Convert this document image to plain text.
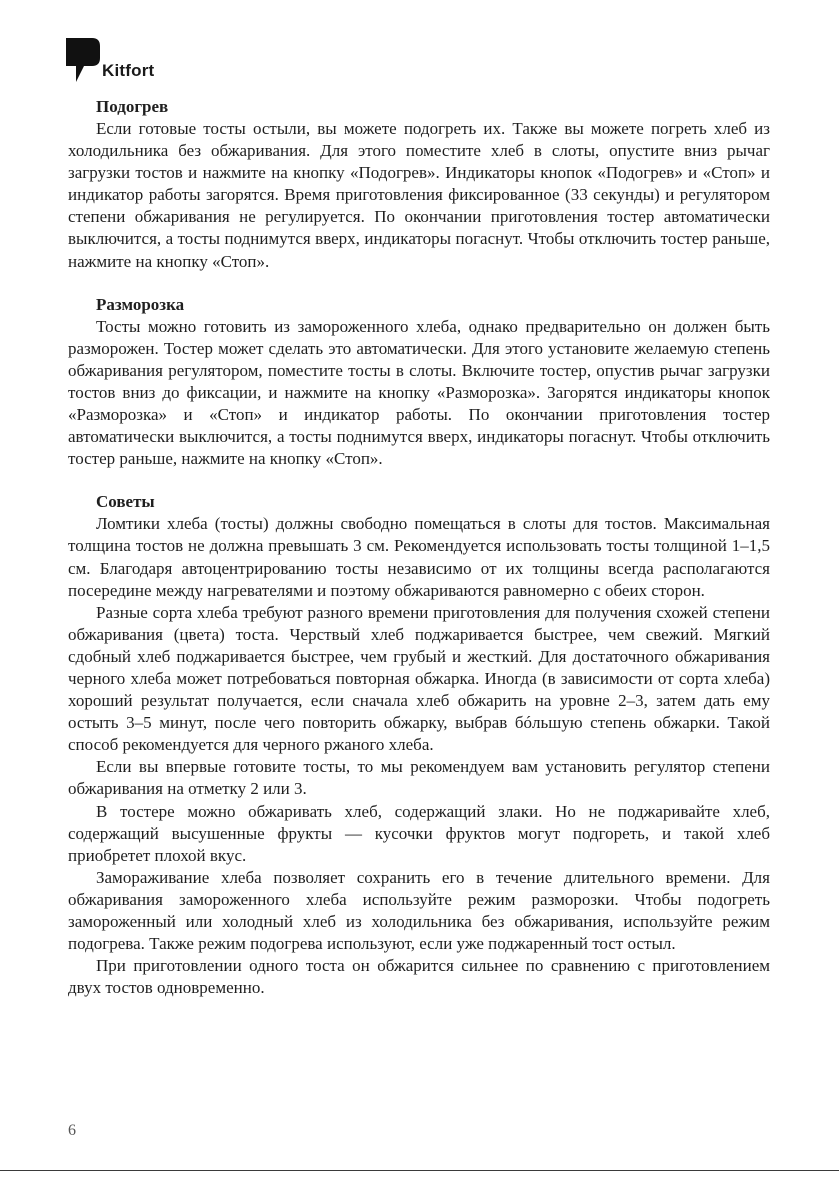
Kitfort
Подогрев

Если готовые тосты остыли, вы можете подогреть их. Также вы можете погреть хлеб из холодильника без обжаривания. Для этого поместите хлеб в слоты, опустите вниз рычаг загрузки тостов и нажмите на кнопку «Подогрев». Индикаторы кнопок «Подогрев» и «Стоп» и индикатор работы загорятся. Время приготовления фиксированное (33 секунды) и регулятором степени обжаривания не регулируется. По окончании приготовления тостер автоматически выключится, а тосты поднимутся вверх, индикаторы погаснут. Чтобы отключить тостер раньше, нажмите на кнопку «Стоп».

Разморозка

Тосты можно готовить из замороженного хлеба, однако предварительно он должен быть разморожен. Тостер может сделать это автоматически. Для этого установите желаемую степень обжаривания регулятором, поместите тосты в слоты. Включите тостер, опустив рычаг загрузки тостов вниз до фиксации, и нажмите на кнопку «Разморозка». Загорятся индикаторы кнопок «Разморозка» и «Стоп» и индикатор работы. По окончании приготовления тостер автоматически выключится, а тосты поднимутся вверх, индикаторы погаснут. Чтобы отключить тостер раньше, нажмите на кнопку «Стоп».

Советы

Ломтики хлеба (тосты) должны свободно помещаться в слоты для тостов. Максимальная толщина тостов не должна превышать 3 см. Рекомендуется использовать тосты толщиной 1–1,5 см. Благодаря автоцентрированию тосты независимо от их толщины всегда располагаются посередине между нагревателями и поэтому обжариваются равномерно с обеих сторон.

Разные сорта хлеба требуют разного времени приготовления для получения схожей степени обжаривания (цвета) тоста. Черствый хлеб поджаривается быстрее, чем свежий. Мягкий сдобный хлеб поджаривается быстрее, чем грубый и жесткий. Для достаточного обжаривания черного хлеба может потребоваться повторная обжарка. Иногда (в зависимости от сорта хлеба) хороший результат получается, если сначала хлеб обжарить на уровне 2–3, затем дать ему остыть 3–5 минут, после чего повторить обжарку, выбрав бóльшую степень обжарки. Такой способ рекомендуется для черного ржаного хлеба.

Если вы впервые готовите тосты, то мы рекомендуем вам установить регулятор степени обжаривания на отметку 2 или 3.

В тостере можно обжаривать хлеб, содержащий злаки. Но не поджаривайте хлеб, содержащий высушенные фрукты — кусочки фруктов могут подгореть, и такой хлеб приобретет плохой вкус.

Замораживание хлеба позволяет сохранить его в течение длительного времени. Для обжаривания замороженного хлеба используйте режим разморозки. Чтобы подогреть замороженный или холодный хлеб из холодильника без обжаривания, используйте режим подогрева. Также режим подогрева используют, если уже поджаренный тост остыл.

При приготовлении одного тоста он обжарится сильнее по сравнению с приготовлением двух тостов одновременно.

6
